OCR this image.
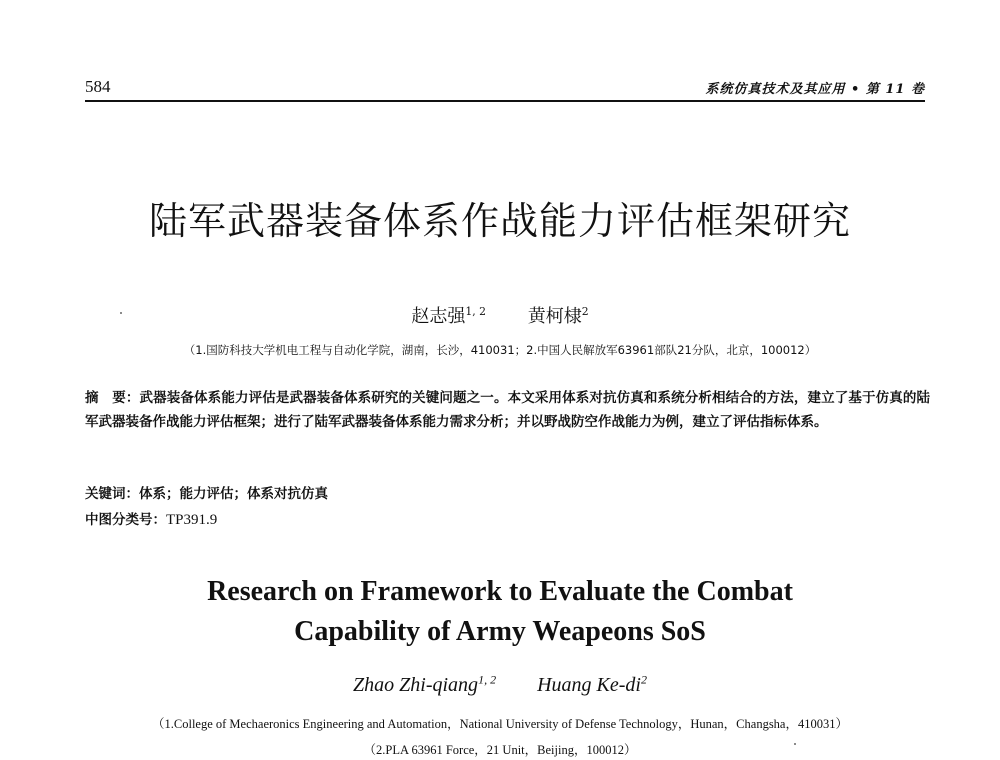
584	系统仿真技术及其应用 • 第 11 卷
陆军武器装备体系作战能力评估框架研究
赵志强$^{1, 2}$ 黄柯棣$^2$
（1.国防科技大学机电工程与自动化学院，湖南，长沙，410031；2.中国人民解放军63961部队21分队，北京，100012）
摘　要：武器装备体系能力评估是武器装备体系研究的关键问题之一。本文采用体系对抗仿真和系统分析相结合的方法，建立了基于仿真的陆军武器装备作战能力评估框架；进行了陆军武器装备体系能力需求分析；并以野战防空作战能力为例，建立了评估指标体系。
关键词：体系；能力评估；体系对抗仿真
中图分类号：TP391.9
Research on Framework to Evaluate the Combat
Capability of Army Weapeons SoS
Zhao Zhi-qiang$^{1, 2}$ Huang $Ke-di^2$
（1.College of Mechaeronics Engineering and Automation，National University of Defense Technology，Hunan，Changsha，410031）
（2.PLA 63961 Force，21 Unit，Beijing，100012）
